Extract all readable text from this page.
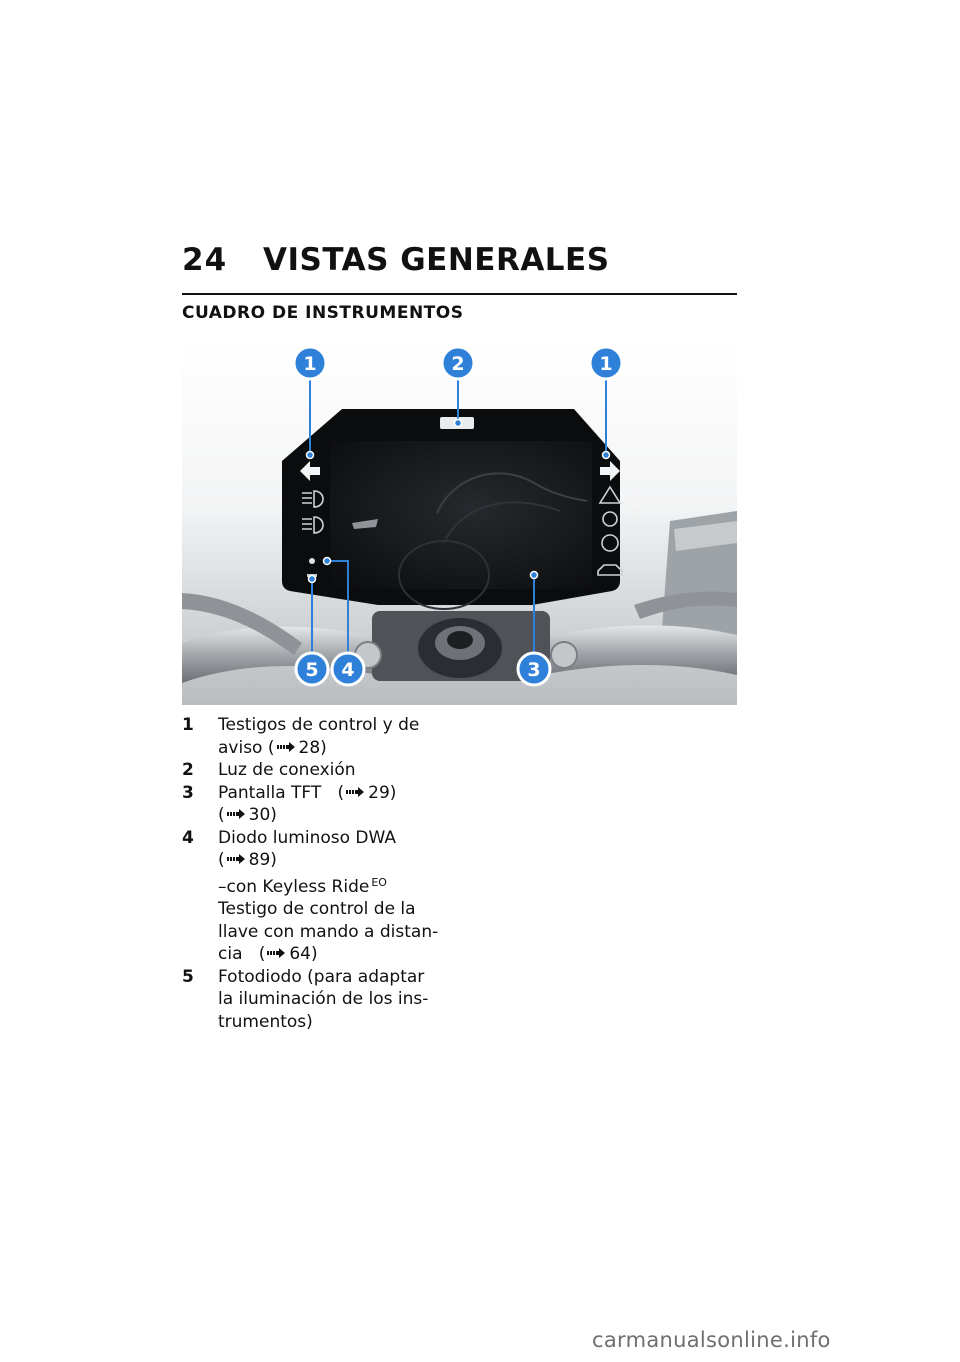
24 VISTAS GENERALES
CUADRO DE INSTRUMENTOS
1	2	1
5 4	3
1	Testigos de control y de
aviso ( 28)
2	Luz de conexión
3	Pantalla TFT   ( 29)
( 30)
4	Diodo luminoso DWA
( 89)
–con Keyless Ride $^{EO}$
Testigo de control de la
llave con mando a distan-
cia   ( 64)
5	Fotodiodo (para adaptar
la iluminación de los ins-
trumentos)
carmanualsonline.info
